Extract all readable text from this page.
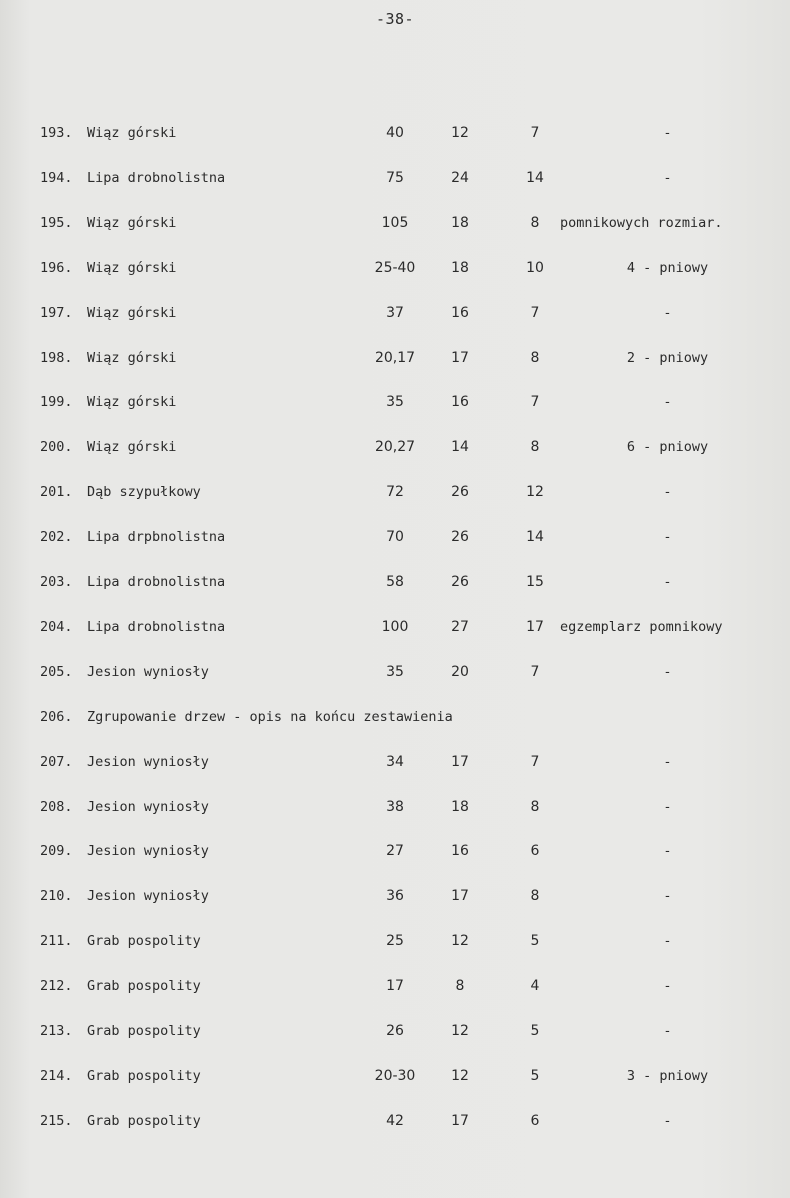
-38-
193. Wiąz górski	40	12	7	-
194. Lipa drobnolistna	75	24	14	-
195. Wiąz górski	105	18	8	pomnikowych rozmiar.
196. Wiąz górski	25-40	18	10	4 - pniowy
197. Wiąz górski	37	16	7	-
198. Wiąz górski	20,17	17	8	2 - pniowy
199. Wiąz górski	35	16	7	-
200. Wiąz górski	20,27	14	8	6 - pniowy
201. Dąb szypułkowy	72	26	12	-
202. Lipa drpbnolistna	70	26	14	-
203. Lipa drobnolistna	58	26	15	-
204. Lipa drobnolistna	100	27	17	egzemplarz pomnikowy
205. Jesion wyniosły	35	20	7	-
206. Zgrupowanie drzew - opis na końcu zestawienia
207. Jesion wyniosły	34	17	7	-
208. Jesion wyniosły	38	18	8	-
209. Jesion wyniosły	27	16	6	-
210. Jesion wyniosły	36	17	8	-
211. Grab pospolity	25	12	5	-
212. Grab pospolity	17	8	4	-
213. Grab pospolity	26	12	5	-
214. Grab pospolity	20-30	12	5	3 - pniowy
215. Grab pospolity	42	17	6	-
